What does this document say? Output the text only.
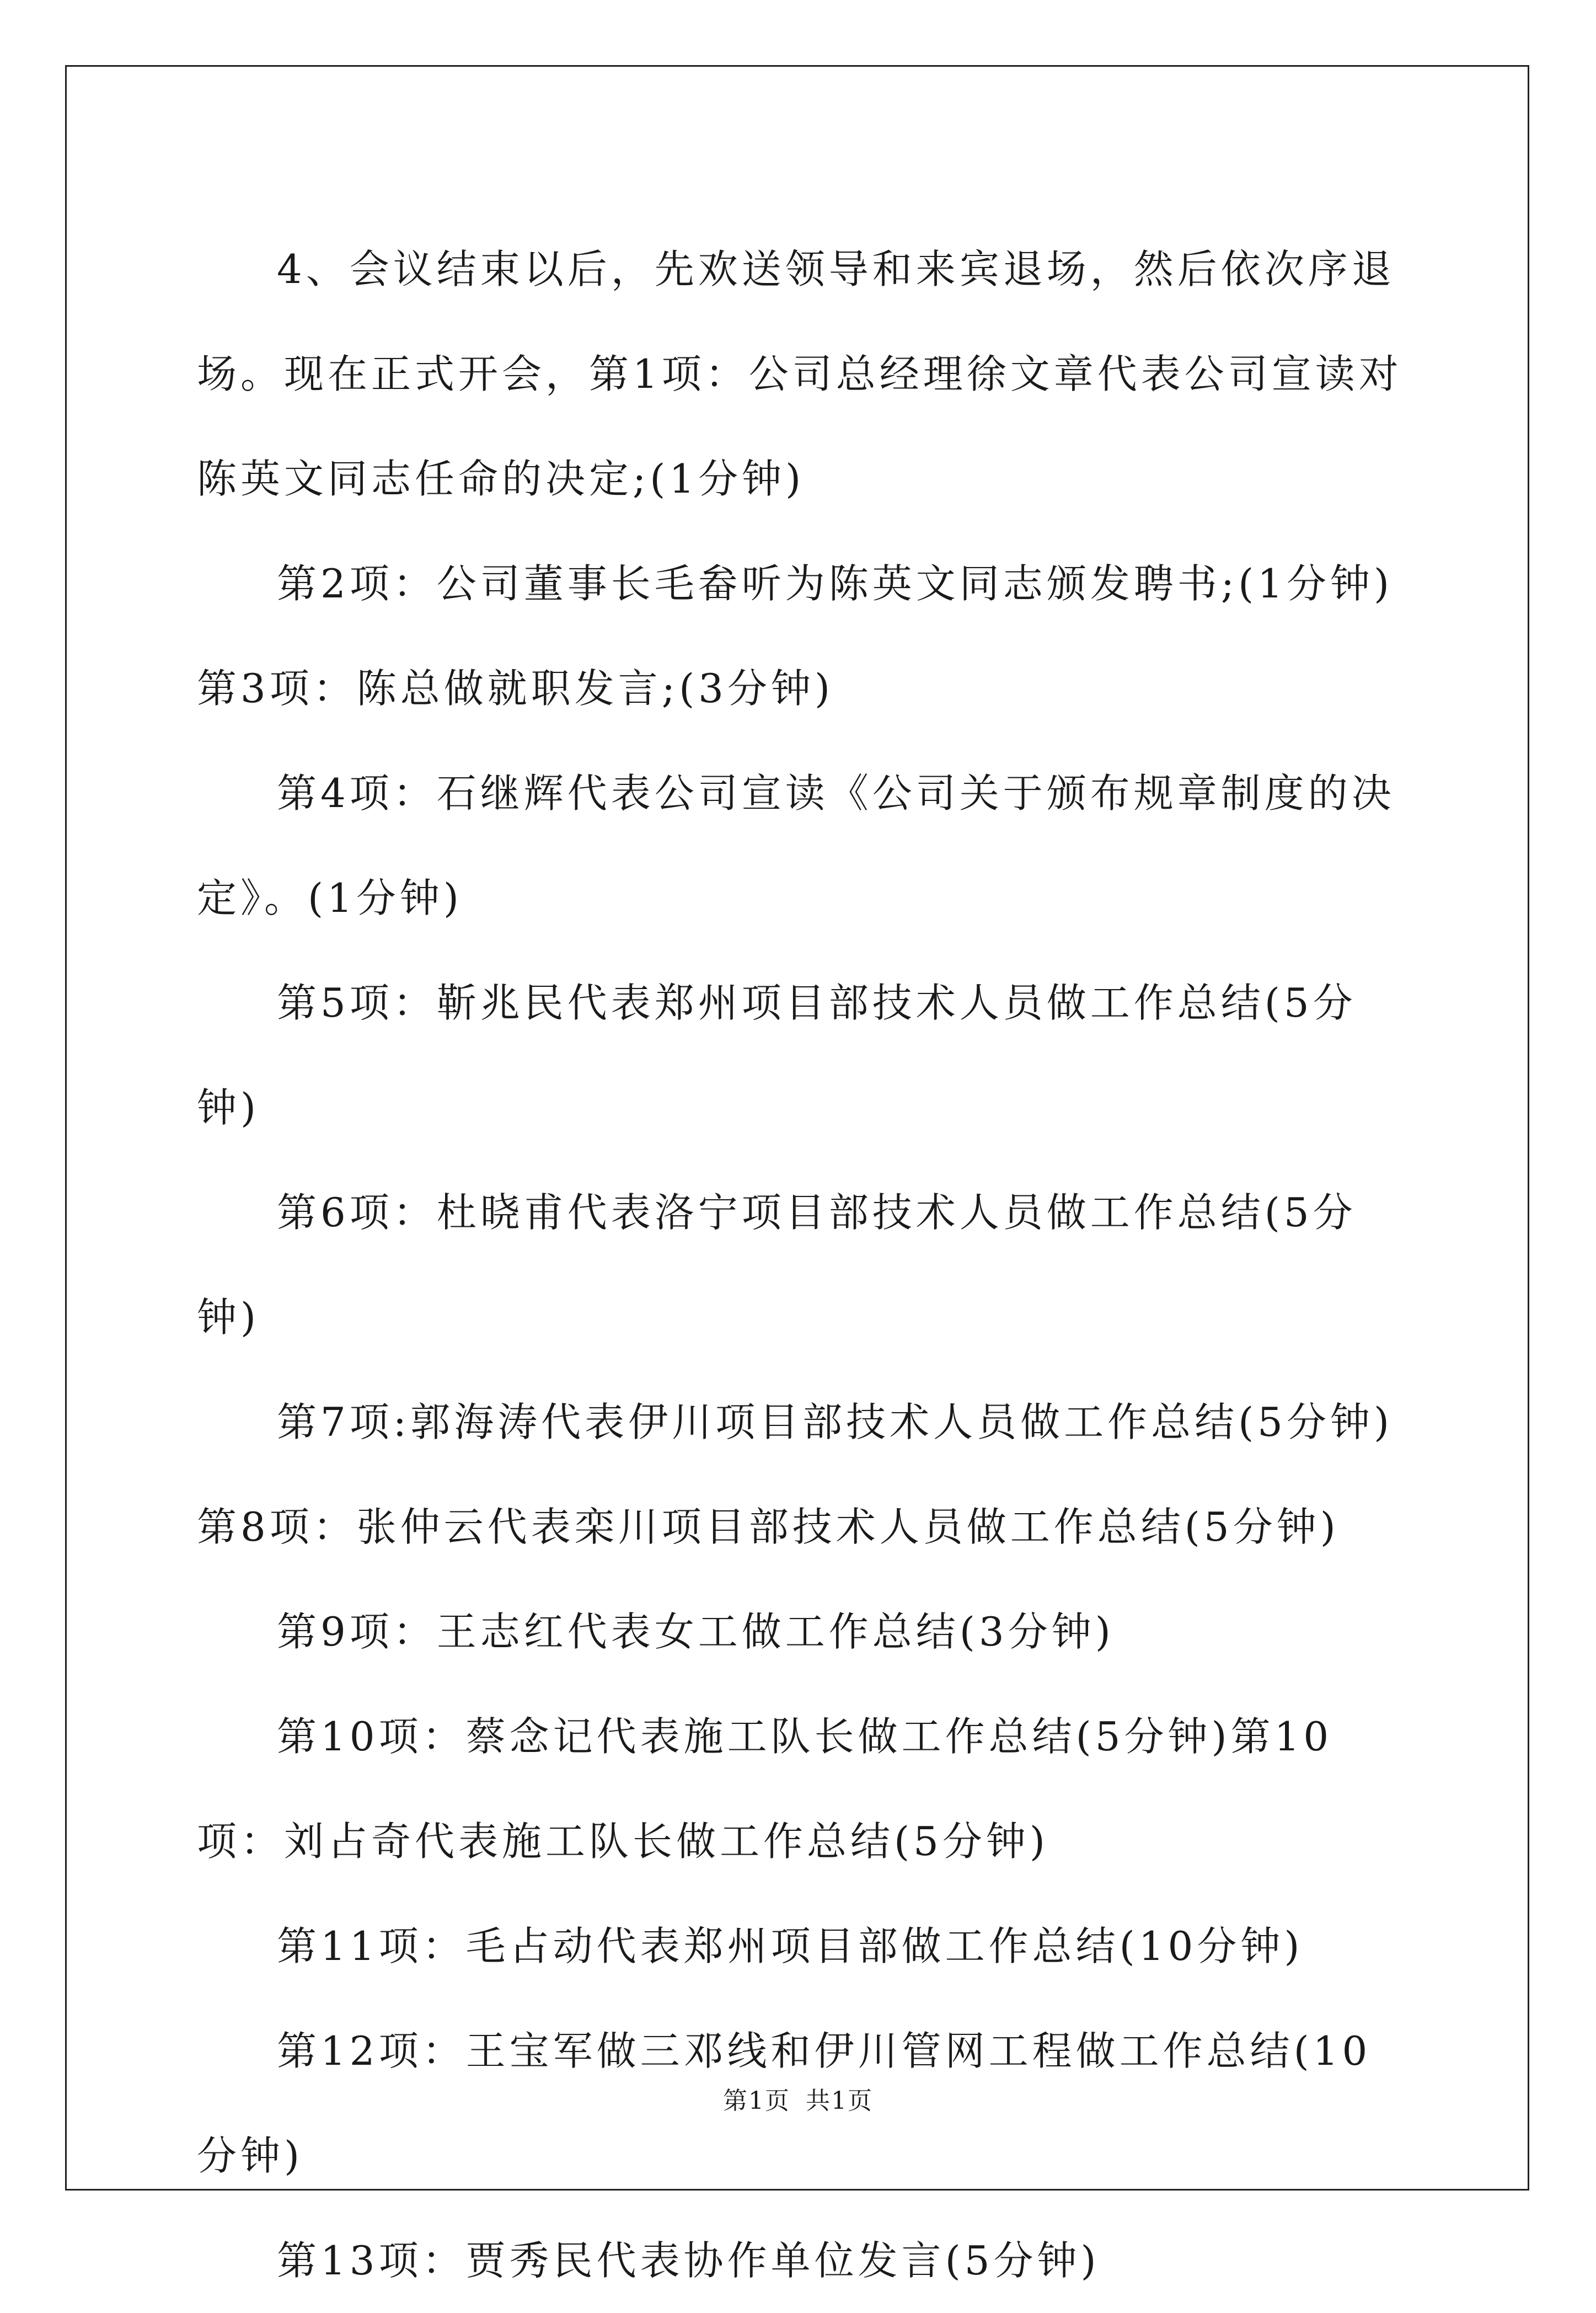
4、会议结束以后，先欢送领导和来宾退场，然后依次序退场。现在正式开会，第1项：公司总经理徐文章代表公司宣读对陈英文同志任命的决定;(1分钟)

第2项：公司董事长毛畚听为陈英文同志颁发聘书;(1分钟)第3项：陈总做就职发言;(3分钟)

第4项：石继辉代表公司宣读《公司关于颁布规章制度的决定》。(1分钟)

第5项：靳兆民代表郑州项目部技术人员做工作总结(5分钟)

第6项：杜晓甫代表洛宁项目部技术人员做工作总结(5分钟)

第7项:郭海涛代表伊川项目部技术人员做工作总结(5分钟)第8项：张仲云代表栾川项目部技术人员做工作总结(5分钟)

第9项：王志红代表女工做工作总结(3分钟)

第10项：蔡念记代表施工队长做工作总结(5分钟)第10项：刘占奇代表施工队长做工作总结(5分钟)

第11项：毛占动代表郑州项目部做工作总结(10分钟)

第12项：王宝军做三邓线和伊川管网工程做工作总结(10分钟)

第13项：贾秀民代表协作单位发言(5分钟)

第1页 共1页
